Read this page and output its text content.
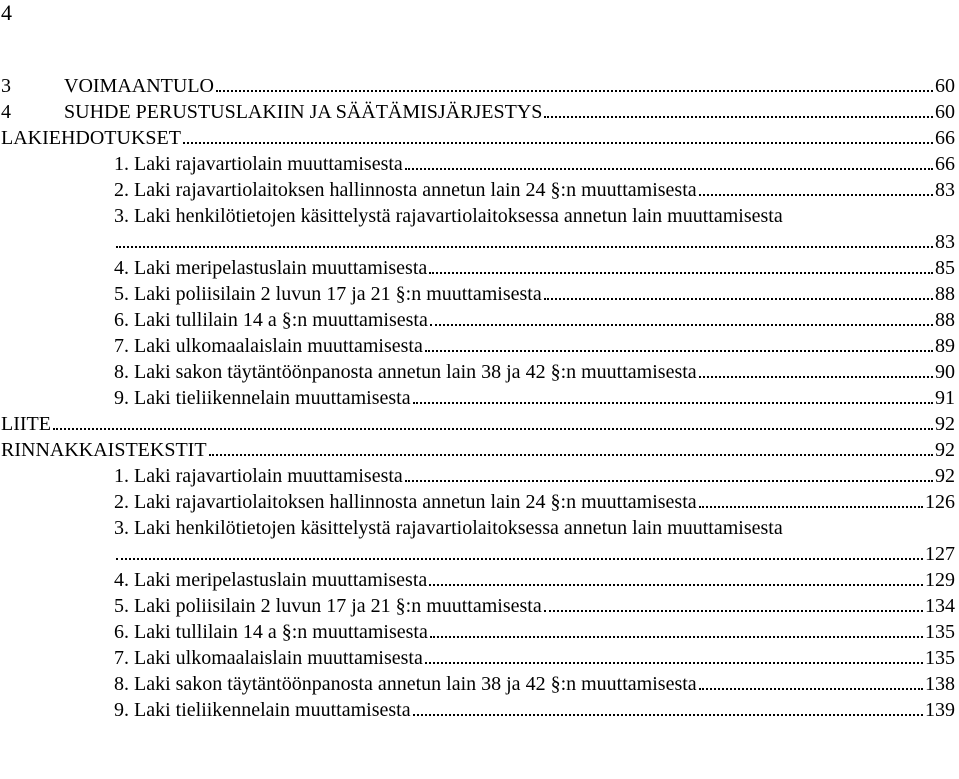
4
3	VOIMAANTULO	60
4	SUHDE PERUSTUSLAKIIN JA SÄÄTÄMISJÄRJESTYS	60
LAKIEHDOTUKSET	66
1. Laki rajavartiolain muuttamisesta	66
2. Laki rajavartiolaitoksen hallinnosta annetun lain 24 §:n muuttamisesta	83
3. Laki henkilötietojen käsittelystä rajavartiolaitoksessa annetun lain muuttamisesta
83
4. Laki meripelastuslain muuttamisesta	85
5. Laki poliisilain 2 luvun 17 ja 21 §:n muuttamisesta	88
6. Laki tullilain 14 a §:n muuttamisesta	88
7. Laki ulkomaalaislain muuttamisesta	89
8. Laki sakon täytäntöönpanosta annetun lain 38 ja 42 §:n muuttamisesta	90
9. Laki tieliikennelain muuttamisesta	91
LIITE	92
RINNAKKAISTEKSTIT	92
1. Laki rajavartiolain muuttamisesta	92
2. Laki rajavartiolaitoksen hallinnosta annetun lain 24 §:n muuttamisesta	126
3. Laki henkilötietojen käsittelystä rajavartiolaitoksessa annetun lain muuttamisesta
127
4. Laki meripelastuslain muuttamisesta	129
5. Laki poliisilain 2 luvun 17 ja 21 §:n muuttamisesta	134
6. Laki tullilain 14 a §:n muuttamisesta	135
7. Laki ulkomaalaislain muuttamisesta	135
8. Laki sakon täytäntöönpanosta annetun lain 38 ja 42 §:n muuttamisesta	138
9. Laki tieliikennelain muuttamisesta	139
